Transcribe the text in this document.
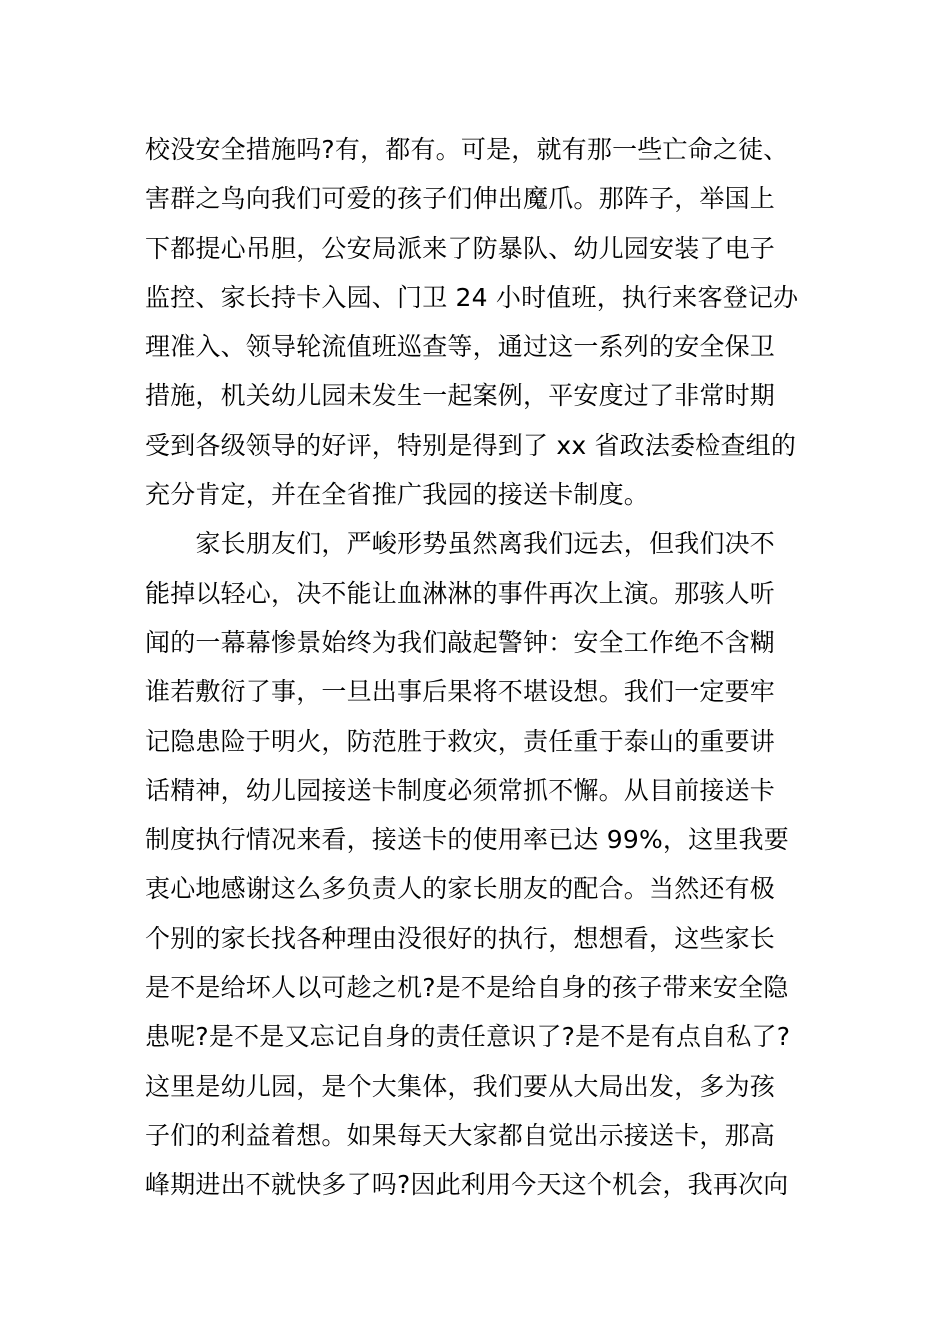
校没安全措施吗?有，都有。可是，就有那一些亡命之徒、
害群之鸟向我们可爱的孩子们伸出魔爪。那阵子，举国上
下都提心吊胆，公安局派来了防暴队、幼儿园安装了电子
监控、家长持卡入园、门卫 24 小时值班，执行来客登记办
理准入、领导轮流值班巡查等，通过这一系列的安全保卫
措施，机关幼儿园未发生一起案例，平安度过了非常时期
受到各级领导的好评，特别是得到了 xx 省政法委检查组的
充分肯定，并在全省推广我园的接送卡制度。
　　家长朋友们，严峻形势虽然离我们远去，但我们决不
能掉以轻心，决不能让血淋淋的事件再次上演。那骇人听
闻的一幕幕惨景始终为我们敲起警钟：安全工作绝不含糊
谁若敷衍了事，一旦出事后果将不堪设想。我们一定要牢
记隐患险于明火，防范胜于救灾，责任重于泰山的重要讲
话精神，幼儿园接送卡制度必须常抓不懈。从目前接送卡
制度执行情况来看，接送卡的使用率已达 99%，这里我要
衷心地感谢这么多负责人的家长朋友的配合。当然还有极
个别的家长找各种理由没很好的执行，想想看，这些家长
是不是给坏人以可趁之机?是不是给自身的孩子带来安全隐
患呢?是不是又忘记自身的责任意识了?是不是有点自私了?
这里是幼儿园，是个大集体，我们要从大局出发，多为孩
子们的利益着想。如果每天大家都自觉出示接送卡，那高
峰期进出不就快多了吗?因此利用今天这个机会，我再次向
